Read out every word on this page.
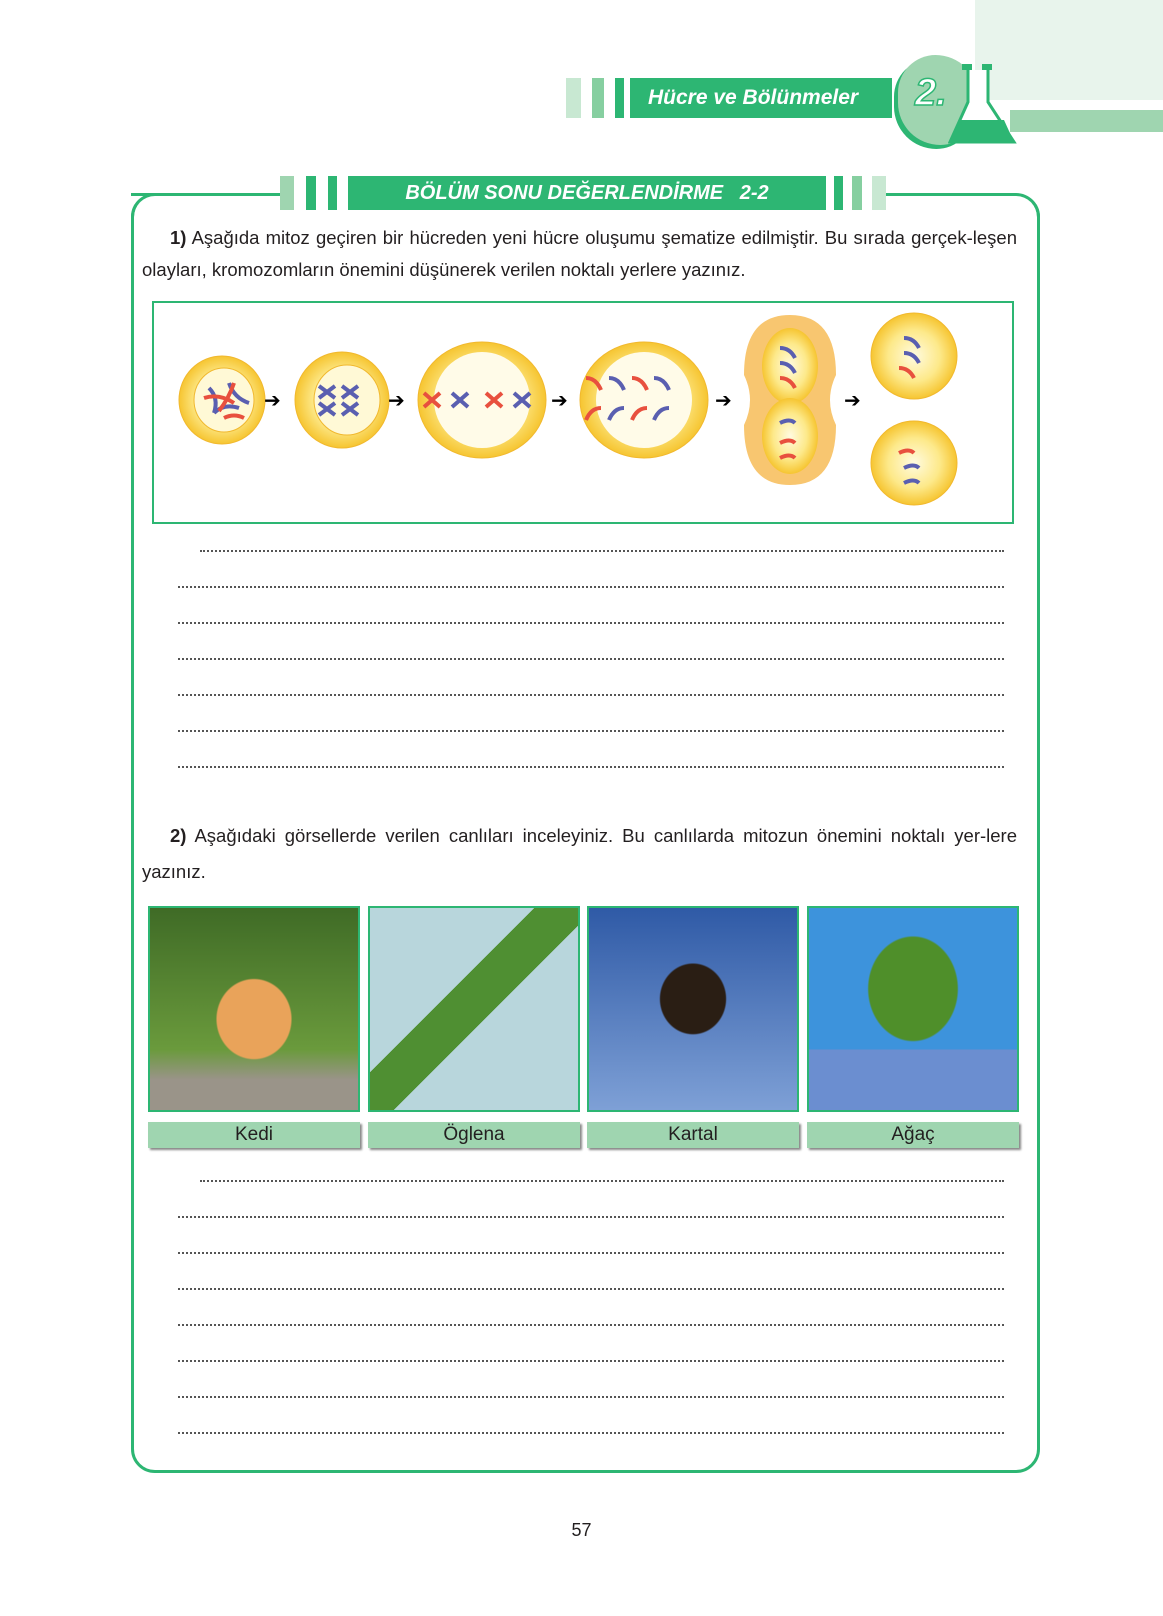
Hücre ve Bölünmeler	2.
BÖLÜM SONU DEĞERLENDİRME   2-2
1) Aşağıda mitoz geçiren bir hücreden yeni hücre oluşumu şematize edilmiştir. Bu sırada gerçek-leşen olayları, kromozomların önemini düşünerek verilen noktalı yerlere yazınız.
➔	➔	➔	➔	➔
2) Aşağıdaki görsellerde verilen canlıları inceleyiniz. Bu canlılarda mitozun önemini noktalı yer-lere yazınız.
Kedi	Öglena	Kartal	Ağaç
57
